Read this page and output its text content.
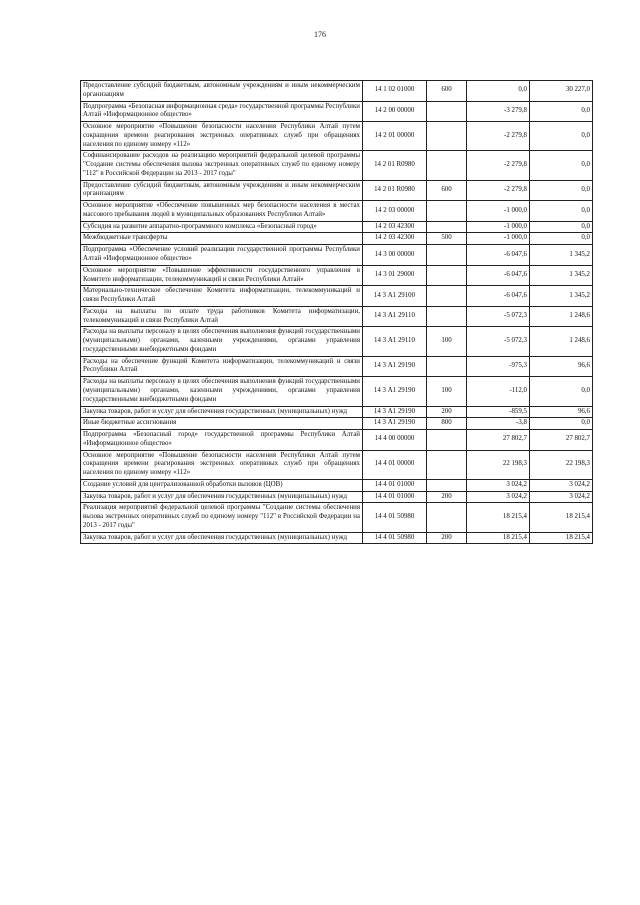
176
Предоставление субсидий бюджетным, автономным учреждениям и иным некоммерческим организациям	14 1 02 01000	600	0,0	30 227,0
Подпрограмма «Безопасная информационная среда» государственной программы Республики Алтай «Информационное общество»	14 2 00 00000		-3 279,8	0,0
Основное мероприятие «Повышение безопасности населения Республики Алтай путем сокращения времени реагирования экстренных оперативных служб при обращениях населения по единому номеру «112»	14 2 01 00000		-2 279,8	0,0
Софинансирование расходов на реализацию мероприятий федеральной целевой программы "Создание системы обеспечения вызова экстренных оперативных служб по единому номеру "112" в Российской Федерации на 2013 - 2017 годы"	14 2 01 R0980		-2 279,8	0,0
Предоставление субсидий бюджетным, автономным учреждениям и иным некоммерческим организациям	14 2 01 R0980	600	-2 279,8	0,0
Основное мероприятие «Обеспечение повышенных мер безопасности населения в местах массового пребывания людей в муниципальных образованиях Республики Алтай»	14 2 03 00000		-1 000,0	0,0
Субсидия на развитие аппаратно-программного комплекса «Безопасный город»	14 2 03 42300		-1 000,0	0,0
Межбюджетные трансферты	14 2 03 42300	500	-1 000,0	0,0
Подпрограмма «Обеспечение условий реализации государственной программы Республики Алтай «Информационное общество»	14 3 00 00000		-6 047,6	1 345,2
Основное мероприятие «Повышение эффективности государственного управления в Комитете информатизации, телекоммуникаций и связи Республики Алтай»	14 3 01 29000		-6 047,6	1 345,2
Материально-техническое обеспечение Комитета информатизации, телекоммуникаций и связи Республики Алтай	14 3 А1 29100		-6 047,6	1 345,2
Расходы на выплаты по оплате труда работников Комитета информатизации, телекоммуникаций и связи Республики Алтай	14 3 А1 29110		-5 072,3	1 248,6
Расходы на выплаты персоналу в целях обеспечения выполнения функций государственными (муниципальными) органами, казенными учреждениями, органами управления государственными внебюджетными фондами	14 3 А1 29110	100	-5 072,3	1 248,6
Расходы на обеспечение функций Комитета информатизации, телекоммуникаций и связи Республики Алтай	14 3 А1 29190		-975,3	96,6
Расходы на выплаты персоналу в целях обеспечения выполнения функций государственными (муниципальными) органами, казенными учреждениями, органами управления государственными внебюджетными фондами	14 3 А1 29190	100	-112,0	0,0
Закупка товаров, работ и услуг для обеспечения государственных (муниципальных) нужд	14 3 А1 29190	200	-859,5	96,6
Иные бюджетные ассигнования	14 3 А1 29190	800	-3,8	0,0
Подпрограмма «Безопасный город» государственной программы Республики Алтай «Информационное общество»	14 4 00 00000		27 802,7	27 802,7
Основное мероприятие «Повышение безопасности населения Республики Алтай путем сокращения времени реагирования экстренных оперативных служб при обращениях населения по единому номеру «112»	14 4 01 00000		22 198,3	22 198,3
Создание условий для централизованной обработки вызовов (ЦОВ)	14 4 01 01000		3 024,2	3 024,2
Закупка товаров, работ и услуг для обеспечения государственных (муниципальных) нужд	14 4 01 01000	200	3 024,2	3 024,2
Реализация мероприятий федеральной целевой программы "Создание системы обеспечения вызова экстренных оперативных служб по единому номеру "112" в Российской Федерации на 2013 - 2017 годы"	14 4 01 50980		18 215,4	18 215,4
Закупка товаров, работ и услуг для обеспечения государственных (муниципальных) нужд	14 4 01 50980	200	18 215,4	18 215,4
